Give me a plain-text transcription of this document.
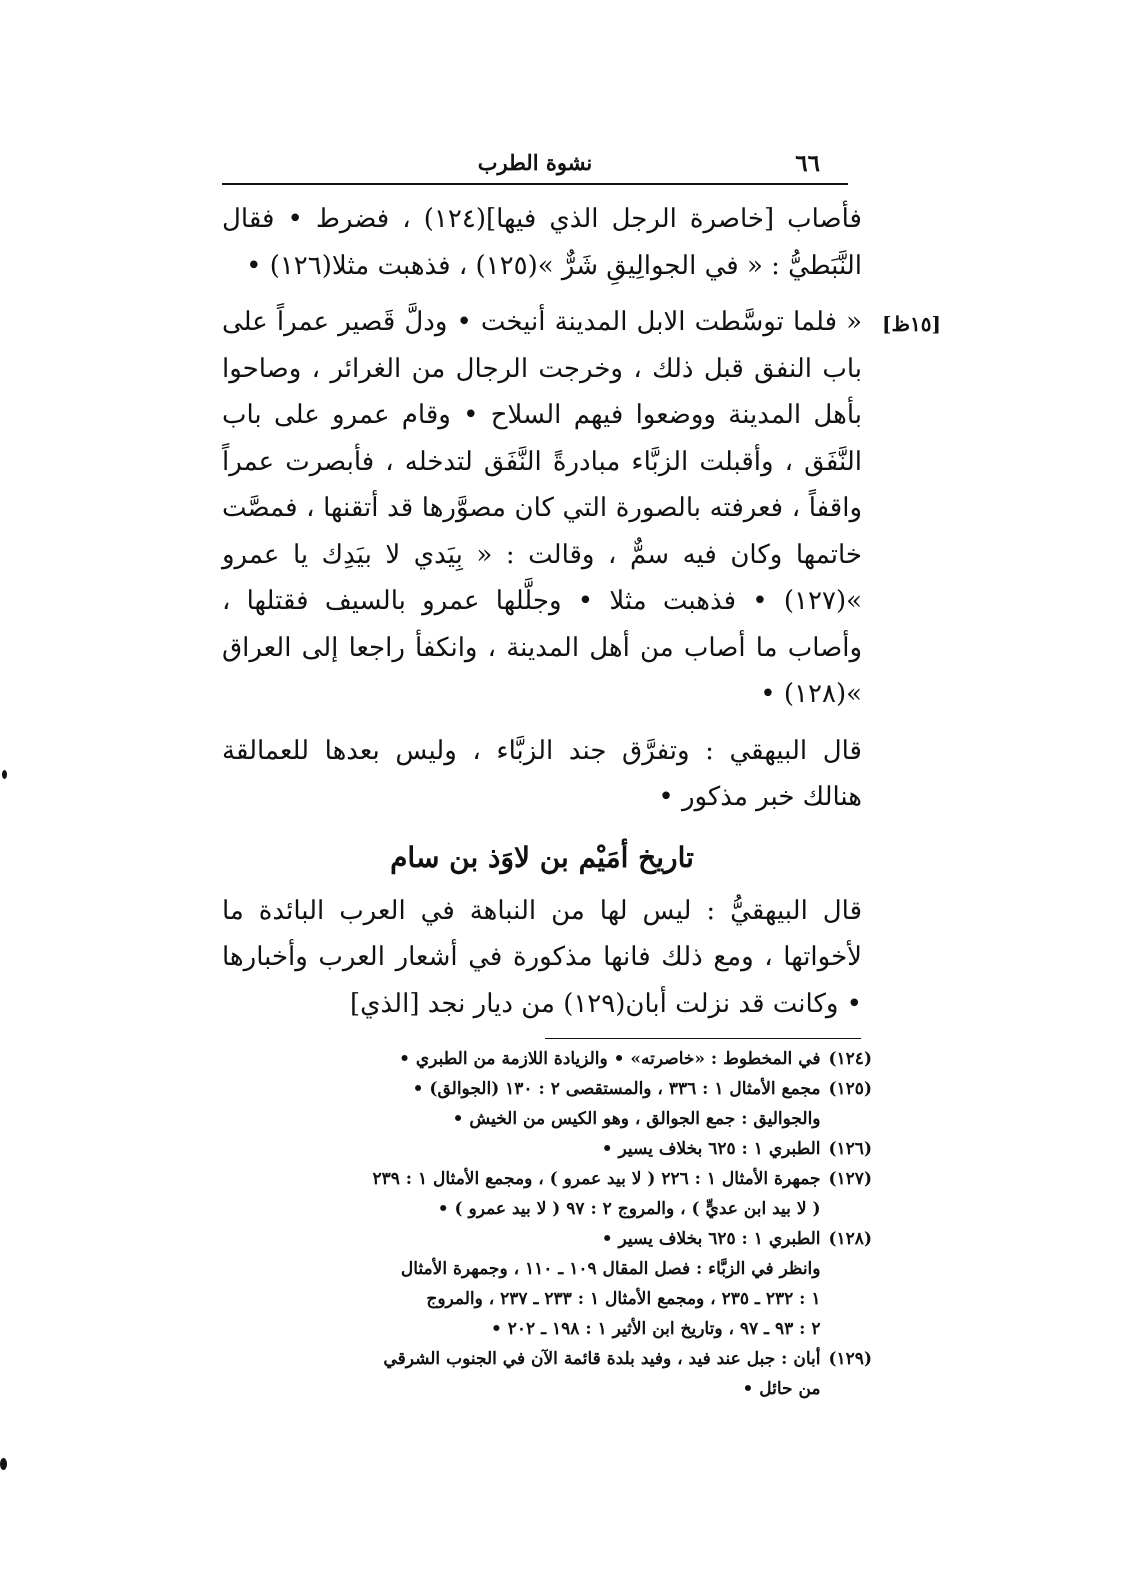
٦٦
نشوة الطرب
[١٥ظ]

فأصاب [خاصرة الرجل الذي فيها](١٢٤) ، فضرط • فقال النَّبَطيُّ : « في الجوالِيقِ شَرٌّ »(١٢٥) ، فذهبت مثلا(١٢٦) •

« فلما توسَّطت الابل المدينة أنيخت • ودلَّ قَصير عمراً على باب النفق قبل ذلك ، وخرجت الرجال من الغرائر ، وصاحوا بأهل المدينة ووضعوا فيهم السلاح • وقام عمرو على باب النَّفَق ، وأقبلت الزبَّاء مبادرةً النَّفَق لتدخله ، فأبصرت عمراً واقفاً ، فعرفته بالصورة التي كان مصوَّرها قد أتقنها ، فمصَّت خاتمها وكان فيه سمٌّ ، وقالت : « بِيَدي لا بيَدِك يا عمرو »(١٢٧) • فذهبت مثلا • وجلَّلها عمرو بالسيف فقتلها ، وأصاب ما أصاب من أهل المدينة ، وانكفأ راجعا إلى العراق »(١٢٨) •

قال البيهقي : وتفرَّق جند الزبَّاء ، وليس بعدها للعمالقة هنالك خبر مذكور •

تاريخ أمَيْم بن لاوَذ بن سام

قال البيهقيُّ : ليس لها من النباهة في العرب البائدة ما لأخواتها ، ومع ذلك فانها مذكورة في أشعار العرب وأخبارها • وكانت قد نزلت أبان(١٢٩) من ديار نجد [الذي]

(١٢٤)
في المخطوط : «خاصرته» • والزيادة اللازمة من الطبري •
(١٢٥)
مجمع الأمثال ١ : ٣٣٦ ، والمستقصى ٢ : ١٣٠ (الجوالق) •
والجواليق : جمع الجوالق ، وهو الكيس من الخيش •
(١٢٦)
الطبري ١ : ٦٢٥ بخلاف يسير •
(١٢٧)
جمهرة الأمثال ١ : ٢٢٦ ( لا بيد عمرو ) ، ومجمع الأمثال ١ : ٢٣٩
( لا بيد ابن عديٍّ ) ، والمروج ٢ : ٩٧ ( لا بيد عمرو ) •
(١٢٨)
الطبري ١ : ٦٢٥ بخلاف يسير •
وانظر في الزبَّاء : فصل المقال ١٠٩ ـ ١١٠ ، وجمهرة الأمثال
١ : ٢٣٢ ـ ٢٣٥ ، ومجمع الأمثال ١ : ٢٣٣ ـ ٢٣٧ ، والمروج
٢ : ٩٣ ـ ٩٧ ، وتاريخ ابن الأثير ١ : ١٩٨ ـ ٢٠٢ •
(١٢٩)
أبان : جبل عند فيد ، وفيد بلدة قائمة الآن في الجنوب الشرقي
من حائل •
